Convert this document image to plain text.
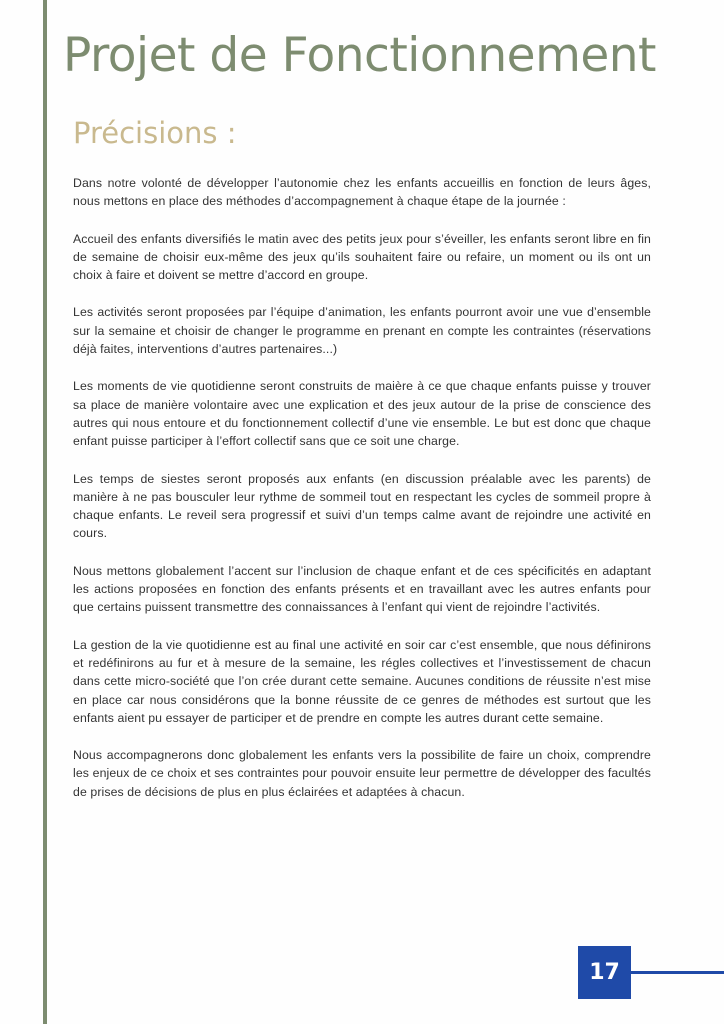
Projet de Fonctionnement
Précisions :

Dans notre volonté de développer l’autonomie chez les enfants accueillis en fonction de leurs âges, nous mettons en place des méthodes d’accompagnement à chaque étape de la journée :

Accueil des enfants diversifiés le matin avec des petits jeux pour s’éveiller, les enfants seront libre en fin de semaine de choisir eux-même des jeux qu’ils souhaitent faire ou refaire, un moment ou ils ont un choix à faire et doivent se mettre d’accord en groupe.

Les activités seront proposées par l’équipe d’animation, les enfants pourront avoir une vue d’ensemble sur la semaine et choisir de changer le programme en prenant en compte les contraintes (réservations déjà faites, interventions d’autres partenaires...)

Les moments de vie quotidienne seront construits de maière à ce que chaque enfants puisse y trouver sa place de manière volontaire avec une explication et des jeux autour de la prise de conscience des autres qui nous entoure et du fonctionnement collectif d’une vie ensemble. Le but est donc que chaque enfant puisse participer à l’effort collectif sans que ce soit une charge.

Les temps de siestes seront proposés aux enfants (en discussion préalable avec les parents) de manière à ne pas bousculer leur rythme de sommeil tout en respectant les cycles de sommeil propre à chaque enfants. Le reveil sera progressif et suivi d’un temps calme avant de rejoindre une activité en cours.

Nous mettons globalement l’accent sur l’inclusion de chaque enfant et de ces spécificités en adaptant les actions proposées en fonction des enfants présents et en travaillant avec les autres enfants pour que certains puissent transmettre des connaissances à l’enfant qui vient de rejoindre l’activités.

La gestion de la vie quotidienne est au final une activité en soir car c’est ensemble, que nous définirons et redéfinirons au fur et à mesure de la semaine, les régles collectives et l’investissement de chacun dans cette micro-société que l’on crée durant cette semaine. Aucunes conditions de réussite n’est mise en place car nous considérons que la bonne réussite de ce genres de méthodes est surtout que les enfants aient pu essayer de participer et de prendre en compte les autres durant cette semaine.

Nous accompagnerons donc globalement les enfants vers la possibilite de faire un choix, comprendre les enjeux de ce choix et ses contraintes pour pouvoir ensuite leur permettre de développer des facultés de prises de décisions de plus en plus éclairées et adaptées à chacun.

17
